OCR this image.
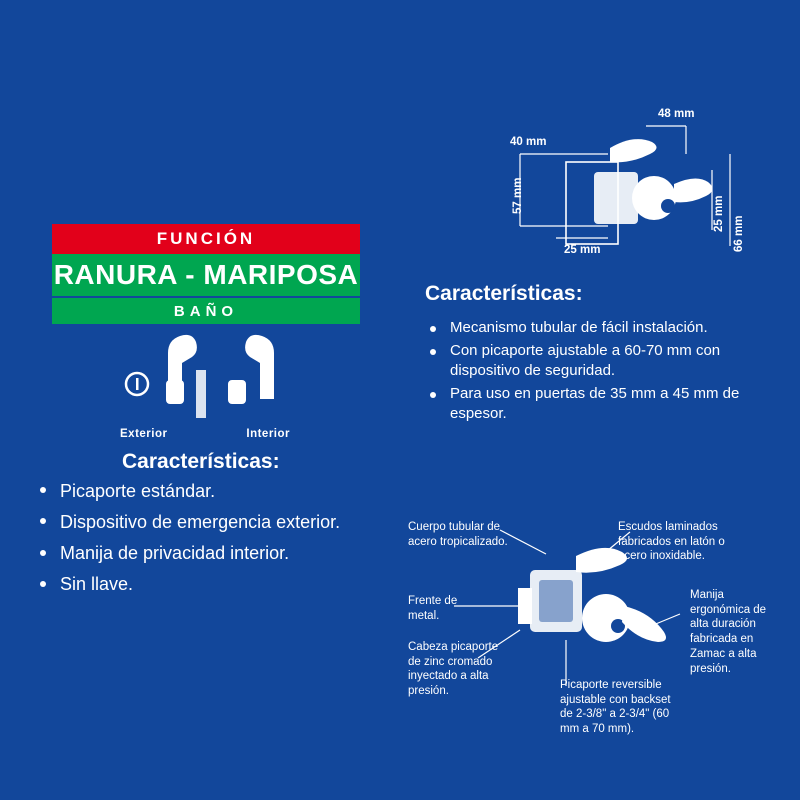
FUNCIÓN
RANURA - MARIPOSA
BAÑO
Exterior	Interior
Características:
Picaporte estándar.
Dispositivo de emergencia exterior.
Manija de privacidad interior.
Sin llave.
48 mm
40 mm
57 mm
25 mm
25 mm
66 mm
Características:
Mecanismo tubular de fácil instalación.
Con picaporte ajustable a 60-70 mm con dispositivo de seguridad.
Para uso en puertas de 35 mm a 45 mm de espesor.
Cuerpo tubular de acero tropicalizado.
Escudos laminados fabricados en latón o acero inoxidable.
Frente de metal.
Cabeza picaporte de zinc cromado inyectado a alta presión.
Picaporte reversible ajustable con backset de 2-3/8" a 2-3/4" (60 mm a 70 mm).
Manija ergonómica de alta duración fabricada en Zamac a alta presión.
